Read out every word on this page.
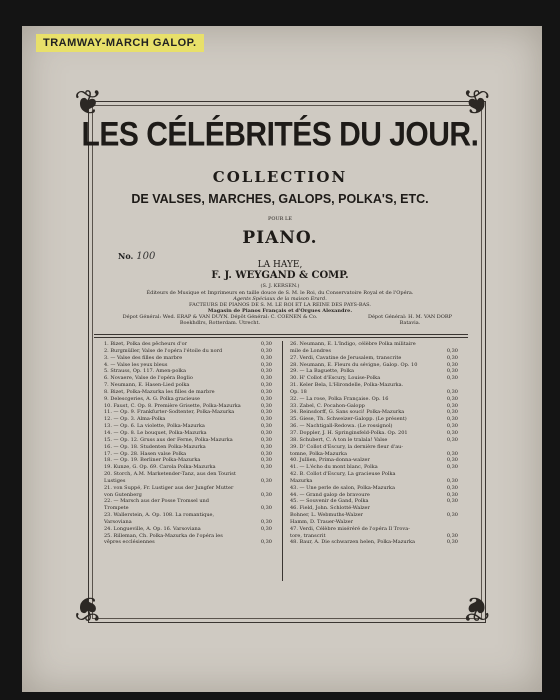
TRAMWAY-MARCH GALOP.
❦	❦
❦	❦
LES CÉLÉBRITÉS DU JOUR.
COLLECTION
DE VALSES, MARCHES, GALOPS, POLKA'S, ETC.
POUR LE
PIANO.
No. 100
LA HAYE,
F. J. WEYGAND & COMP.
(S. J. KERSEN.)
Éditeurs de Musique et Imprimeurs en taille douce de S. M. le Roi, du Conservatoire Royal et de l'Opéra.
Agents Spéciaux de la maison Erard.
FACTEURS DE PIANOS DE S. M. LE ROI ET LA REINE DES PAYS-BAS.
Magasin de Pianos Français et d'Orgues Alexandre.
Dépot Général: Wed. ERAP & VAN DUYN. Dépôt Général: C. COENEN & Co.
Boekhdlrs, Rotterdam. Utrecht.
Dépot Général: H. M. VAN DORP
Batavia.
1. Bizet, Polka des pêcheurs d'or	0,30
2. Burgmüller, Valse de l'opéra l'étoile du nord	0,30
3. — Valse des filles de marbre	0,30
4. — Valse les yeux bleus	0,30
5. Strauss, Op. 117. Amen-polka	0,30
6. Novaere, Valse de l'opéra Boglio	0,30
7. Neumann, E. Hasen-Lied polka	0,30
8. Bizet, Polka-Mazurka les filles de marbre	0,30
9. Delescgeries, A. G. Polka gracieuse	0,30
10. Faust, C. Op. 8. Première Grisette, Polka-Mazurka	0,30
11. — Op. 9. Frankfurter-Sodtenter, Polka-Mazurka	0,30
12. — Op. 3. Alma-Polka	0,30
13. — Op. 6. La violette, Polka-Mazurka	0,30
14. — Op. 8. Le bouquet, Polka-Mazurka	0,30
15. — Op. 12. Gruss aus der Ferne, Polka-Mazurka	0,30
16. — Op. 18. Studenten Polka-Mazurka	0,30
17. — Op. 28. Hasen valse Polka	0,30
18. — Op. 19. Berliner Polka-Mazurka	0,30
19. Kunze, G. Op. 69. Carola Polka-Mazurka	0,30
20. Storch, A.M. Marketender-Tanz, aus den Tourist
Lustiges	0,30
21. von Suppé, Fr. Lustiger aus der Jungfer Mutter
von Gutenberg	0,30
22. — Marsch aus der Posse Tromsel und
Trompete	0,30
23. Wallerstein, A. Op. 108. La romantique,
Varsoviana	0,30
24. Longueville, A. Op. 16. Varsoviana	0,30
25. Rilleman, Ch. Polka-Mazurka de l'opéra les
vêpres ecclésiennes	0,30
26. Neumann, E. L'Indigo, célèbre Polka militaire
mile de Londres	0,30
27. Verdi, Cavatine de Jerusalem, transcrite	0,30
28. Neumann, E. Fleurs du sévigne, Galop. Op. 10	0,30
29. — La Baguette, Polka	0,30
30. H' Collot d'Escury, Louise-Polka	0,30
31. Keler Bela, L'Hirondelle, Polka-Mazurka.
Op. 18	0,30
32. — La rose, Polka Française. Op. 16	0,30
33. Zabel, C. Pocahon-Galopp	0,30
34. Reinsdorff, G. Sans souci! Polka-Mazurka	0,30
35. Giese, Th. Schweizer-Galopp. (Le présent)	0,30
36. — Nachtigall-Redowa. (Le rossignol)	0,30
37. Doppler, J. H. Springinsfeld-Polka. Op. 201	0,30
38. Schubert, C. A ton le tralala! Valse	0,30
39. D' Collot d'Escury, la dernière fleur d'au-
tomne, Polka-Mazurka	0,30
40. Jullien, Prima-donna-walzer	0,30
41. — L'écho du mont blanc, Polka	0,30
42. B. Collot d'Escury, La gracieuse Polka
Mazurka	0,30
43. — Une perle de salon, Polka-Mazurka	0,30
44. — Grand galop de bravoure	0,30
45. — Souvenir de Gand, Polka	0,30
46. Field, John. Schlotté-Walzer
Bohner, L. Webmuths-Walzer	0,30
Hamm, D. Trauer-Walzer
47. Verdi, Célèbre miséréré de l'opéra Il Trova-
tore, transcrit	0,30
48. Baur, A. Die schwarzen helen, Polka-Mazurka	0,30
